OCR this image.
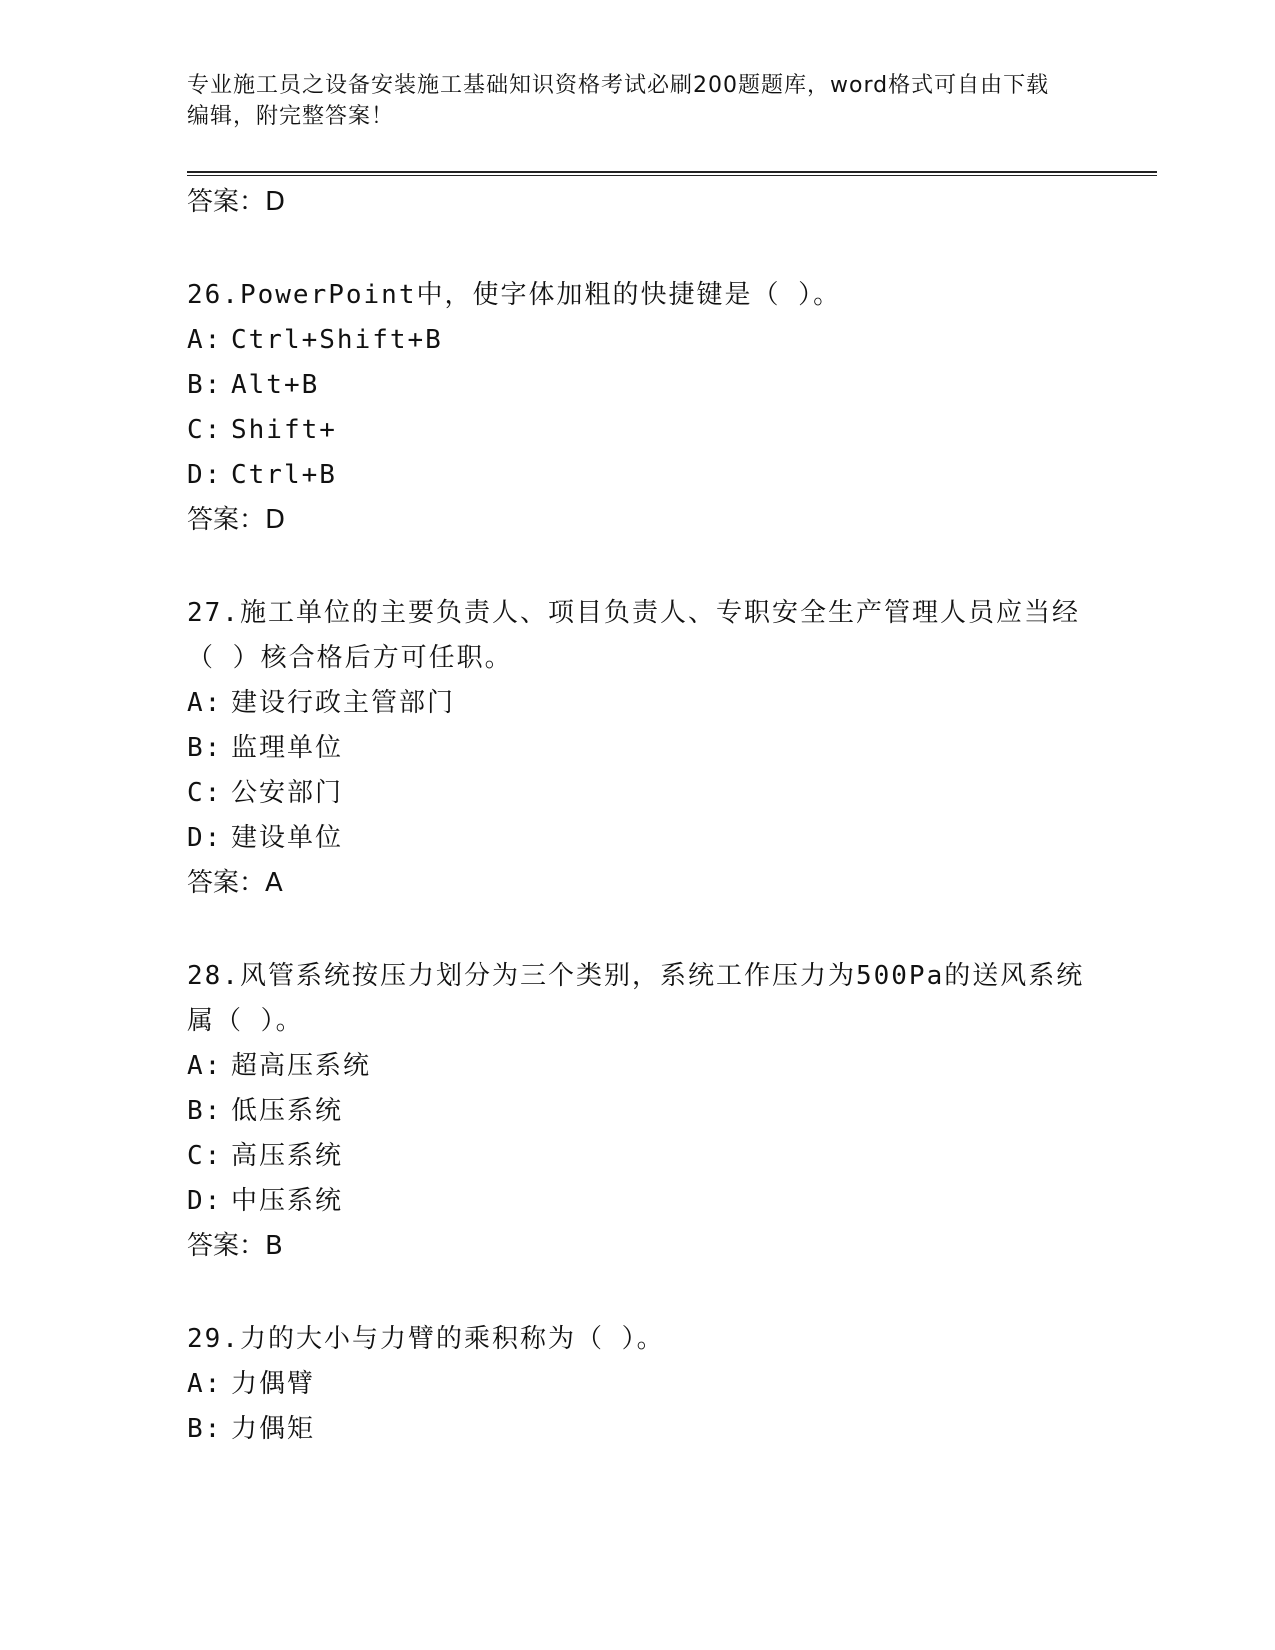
专业施工员之设备安装施工基础知识资格考试必刷200题题库，word格式可自由下载编辑，附完整答案！

答案：D

26.PowerPoint中，使字体加粗的快捷键是（ ）。

A: Ctrl+Shift+B

B: Alt+B

C: Shift+

D: Ctrl+B

答案：D

27.施工单位的主要负责人、项目负责人、专职安全生产管理人员应当经（ ）核合格后方可任职。

A: 建设行政主管部门

B: 监理单位

C: 公安部门

D: 建设单位

答案：A

28.风管系统按压力划分为三个类别，系统工作压力为500Pa的送风系统属（ ）。

A: 超高压系统

B: 低压系统

C: 高压系统

D: 中压系统

答案：B

29.力的大小与力臂的乘积称为（ ）。

A: 力偶臂

B: 力偶矩
